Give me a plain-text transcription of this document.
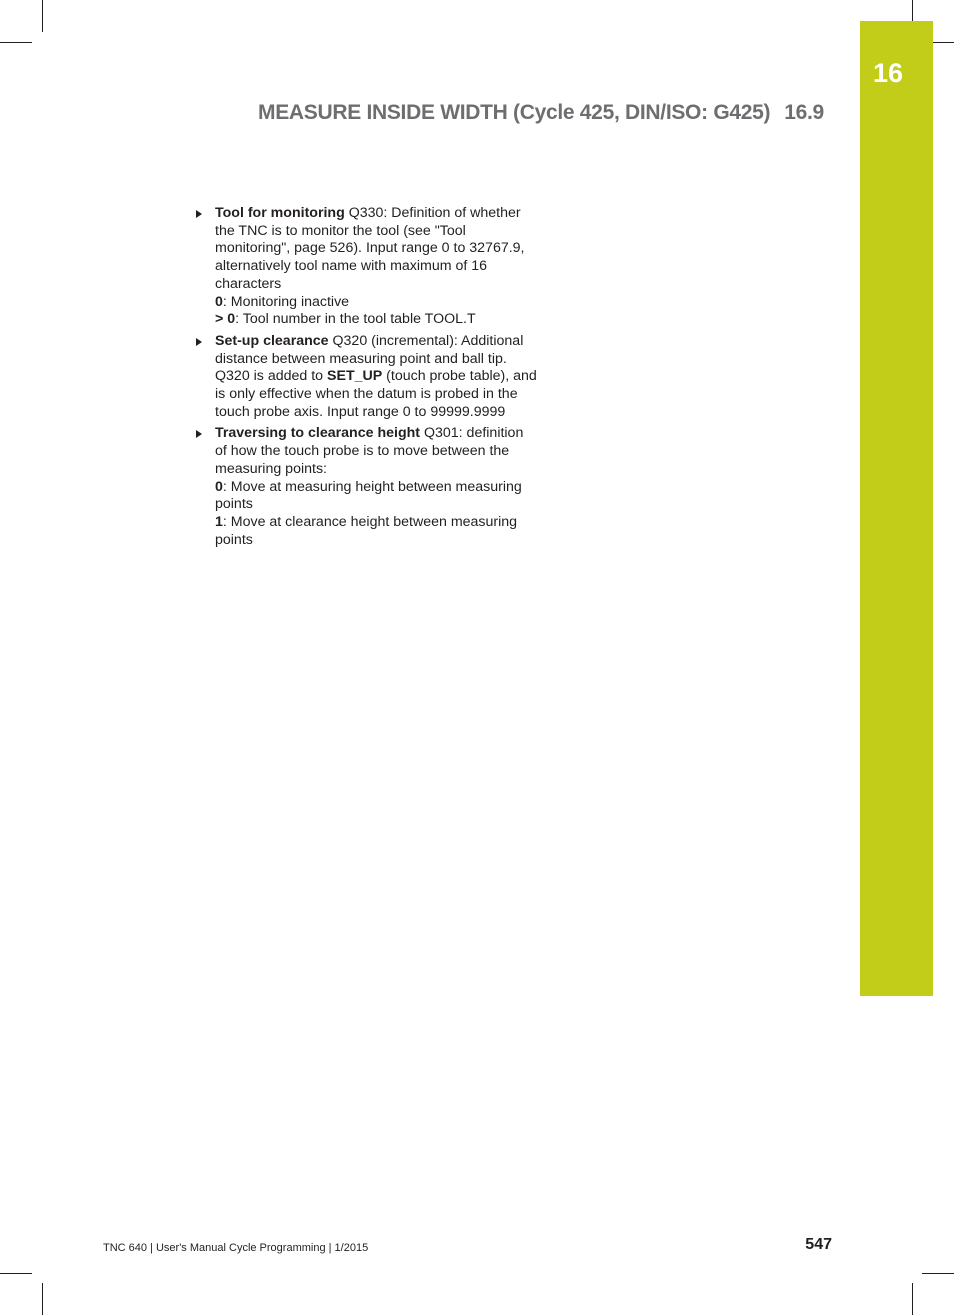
16
MEASURE INSIDE WIDTH (Cycle 425, DIN/ISO: G425) 16.9
Tool for monitoring Q330: Definition of whether
the TNC is to monitor the tool (see "Tool
monitoring", page 526). Input range 0 to 32767.9,
alternatively tool name with maximum of 16
characters
0: Monitoring inactive
> 0: Tool number in the tool table TOOL.T
Set-up clearance Q320 (incremental): Additional
distance between measuring point and ball tip.
Q320 is added to SET_UP (touch probe table), and
is only effective when the datum is probed in the
touch probe axis. Input range 0 to 99999.9999
Traversing to clearance height Q301: definition
of how the touch probe is to move between the
measuring points:
0: Move at measuring height between measuring
points
1: Move at clearance height between measuring
points
TNC 640 | User's Manual Cycle Programming | 1/2015	547
